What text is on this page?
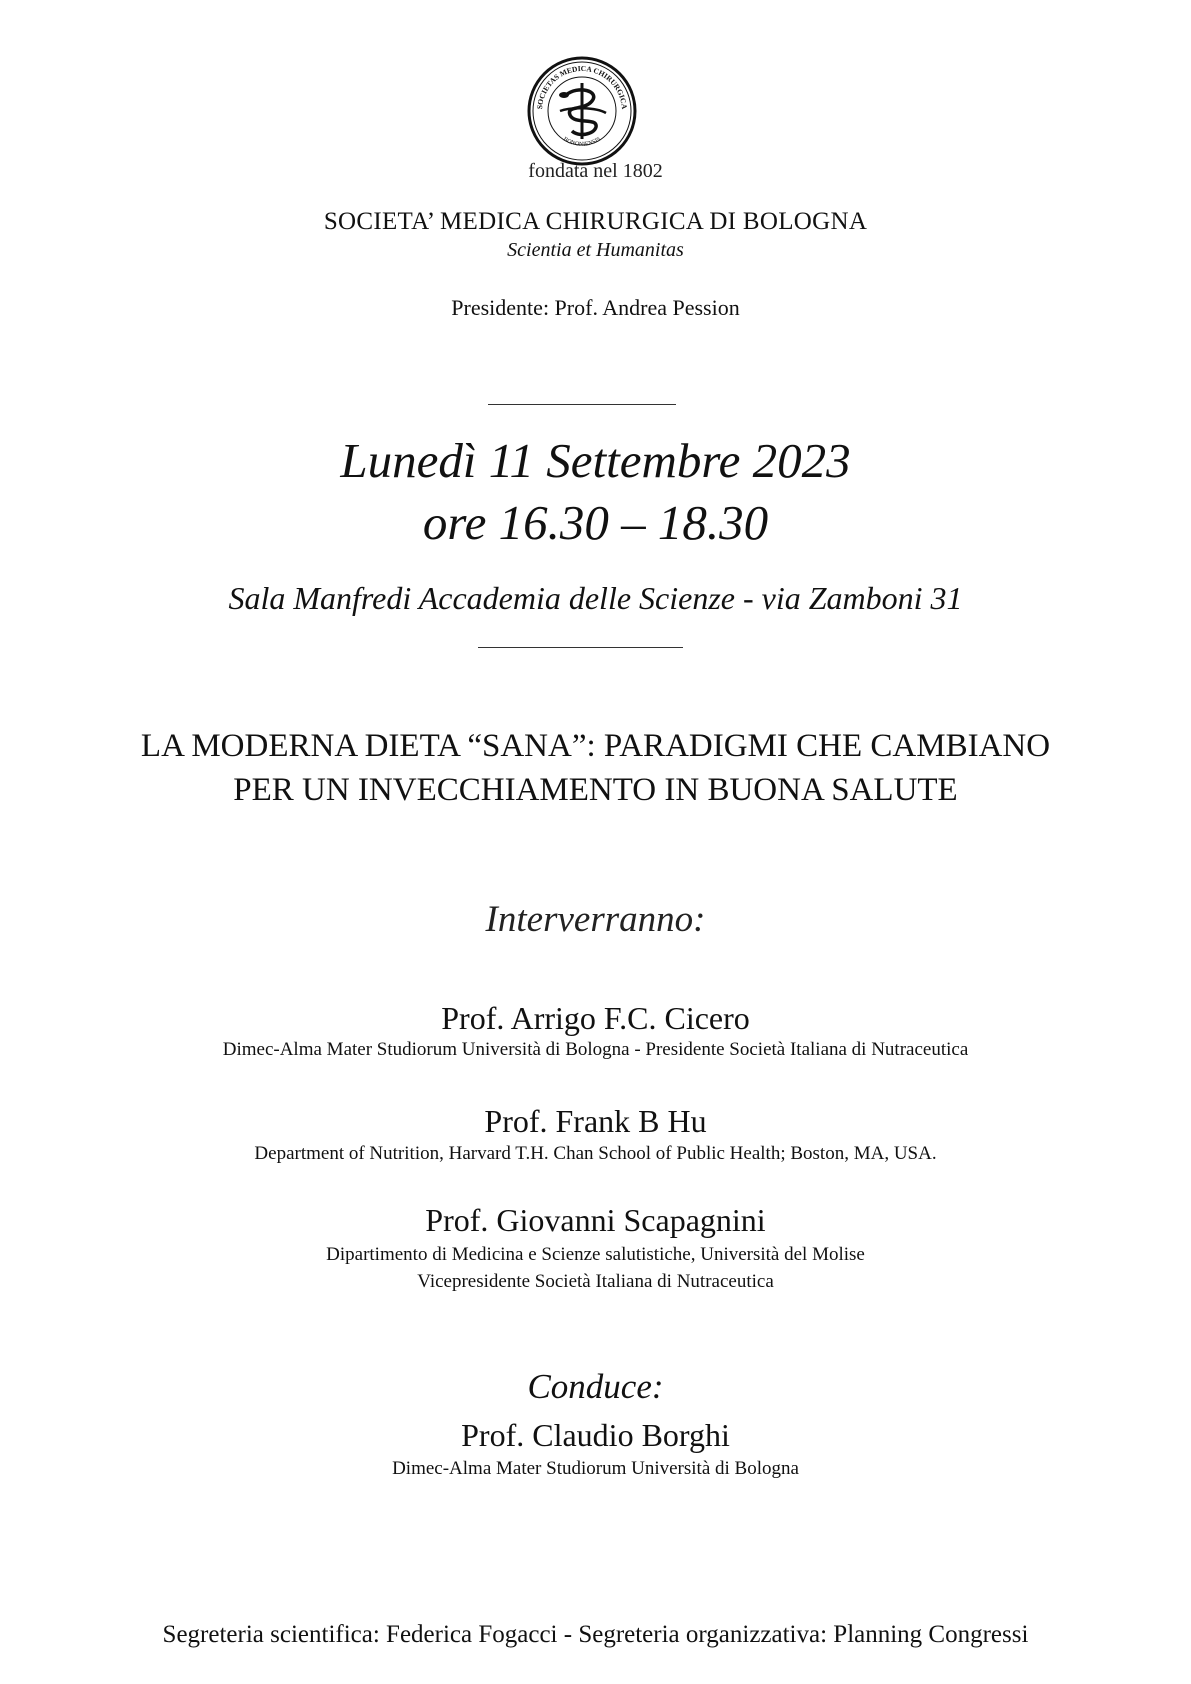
SOCIETAS MEDICA CHIRURGICA
BONONIENSIS
fondata nel 1802
SOCIETA’ MEDICA CHIRURGICA DI BOLOGNA
Scientia et Humanitas
Presidente: Prof. Andrea Pession
Lunedì 11 Settembre 2023
ore 16.30 – 18.30
Sala Manfredi Accademia delle Scienze - via Zamboni 31
LA MODERNA DIETA “SANA”: PARADIGMI CHE CAMBIANO
PER UN INVECCHIAMENTO IN BUONA SALUTE
Interverranno:
Prof. Arrigo F.C. Cicero
Dimec-Alma Mater Studiorum Università di Bologna - Presidente Società Italiana di Nutraceutica
Prof. Frank B Hu
Department of Nutrition, Harvard T.H. Chan School of Public Health; Boston, MA, USA.
Prof. Giovanni Scapagnini
Dipartimento di Medicina e Scienze salutistiche, Università del Molise
Vicepresidente Società Italiana di Nutraceutica
Conduce:
Prof. Claudio Borghi
Dimec-Alma Mater Studiorum Università di Bologna
Segreteria scientifica: Federica Fogacci - Segreteria organizzativa: Planning Congressi
